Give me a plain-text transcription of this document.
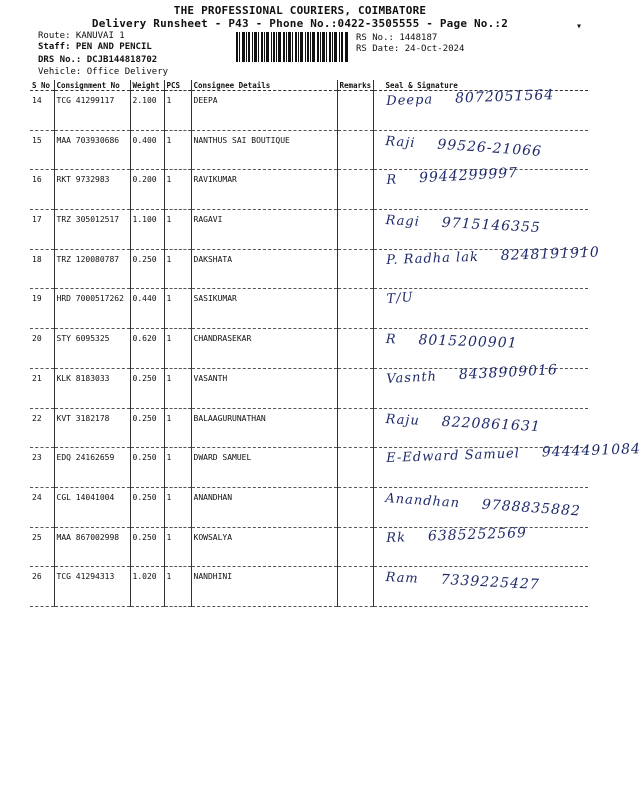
THE PROFESSIONAL COURIERS, COIMBATORE
Delivery Runsheet - P43 - Phone No.:0422-3505555 - Page No.:2
Route: KANUVAI 1
Staff: PEN AND PENCIL
DRS No.: DCJB144818702
Vehicle: Office Delivery
RS No.: 1448187
RS Date: 24-Oct-2024
▾
S No	Consignment No	Weight	PCS	Consignee Details	Remarks	Seal & Signature
14	TCG 41299117	2.100	1	DEEPA		Deepa 8072051564

15	MAA 703930686	0.400	1	NANTHUS SAI BOUTIQUE		Raji 99526-21066

16	RKT 9732983	0.200	1	RAVIKUMAR		R 9944299997

17	TRZ 305012517	1.100	1	RAGAVI		Ragi 9715146355

18	TRZ 120080787	0.250	1	DAKSHATA		P. Radha lak 8248191910

19	HRD 7000517262	0.440	1	SASIKUMAR		T/U

20	STY 6095325	0.620	1	CHANDRASEKAR		R 8015200901

21	KLK 8183033	0.250	1	VASANTH		Vasnth 8438909016

22	KVT 3182178	0.250	1	BALAAGURUNATHAN		Raju 8220861631

23	EDQ 24162659	0.250	1	DWARD SAMUEL		E-Edward Samuel 9444491084

24	CGL 14041004	0.250	1	ANANDHAN		Anandhan 9788835882

25	MAA 867002998	0.250	1	KOWSALYA		Rk 6385252569

26	TCG 41294313	1.020	1	NANDHINI		Ram 7339225427
